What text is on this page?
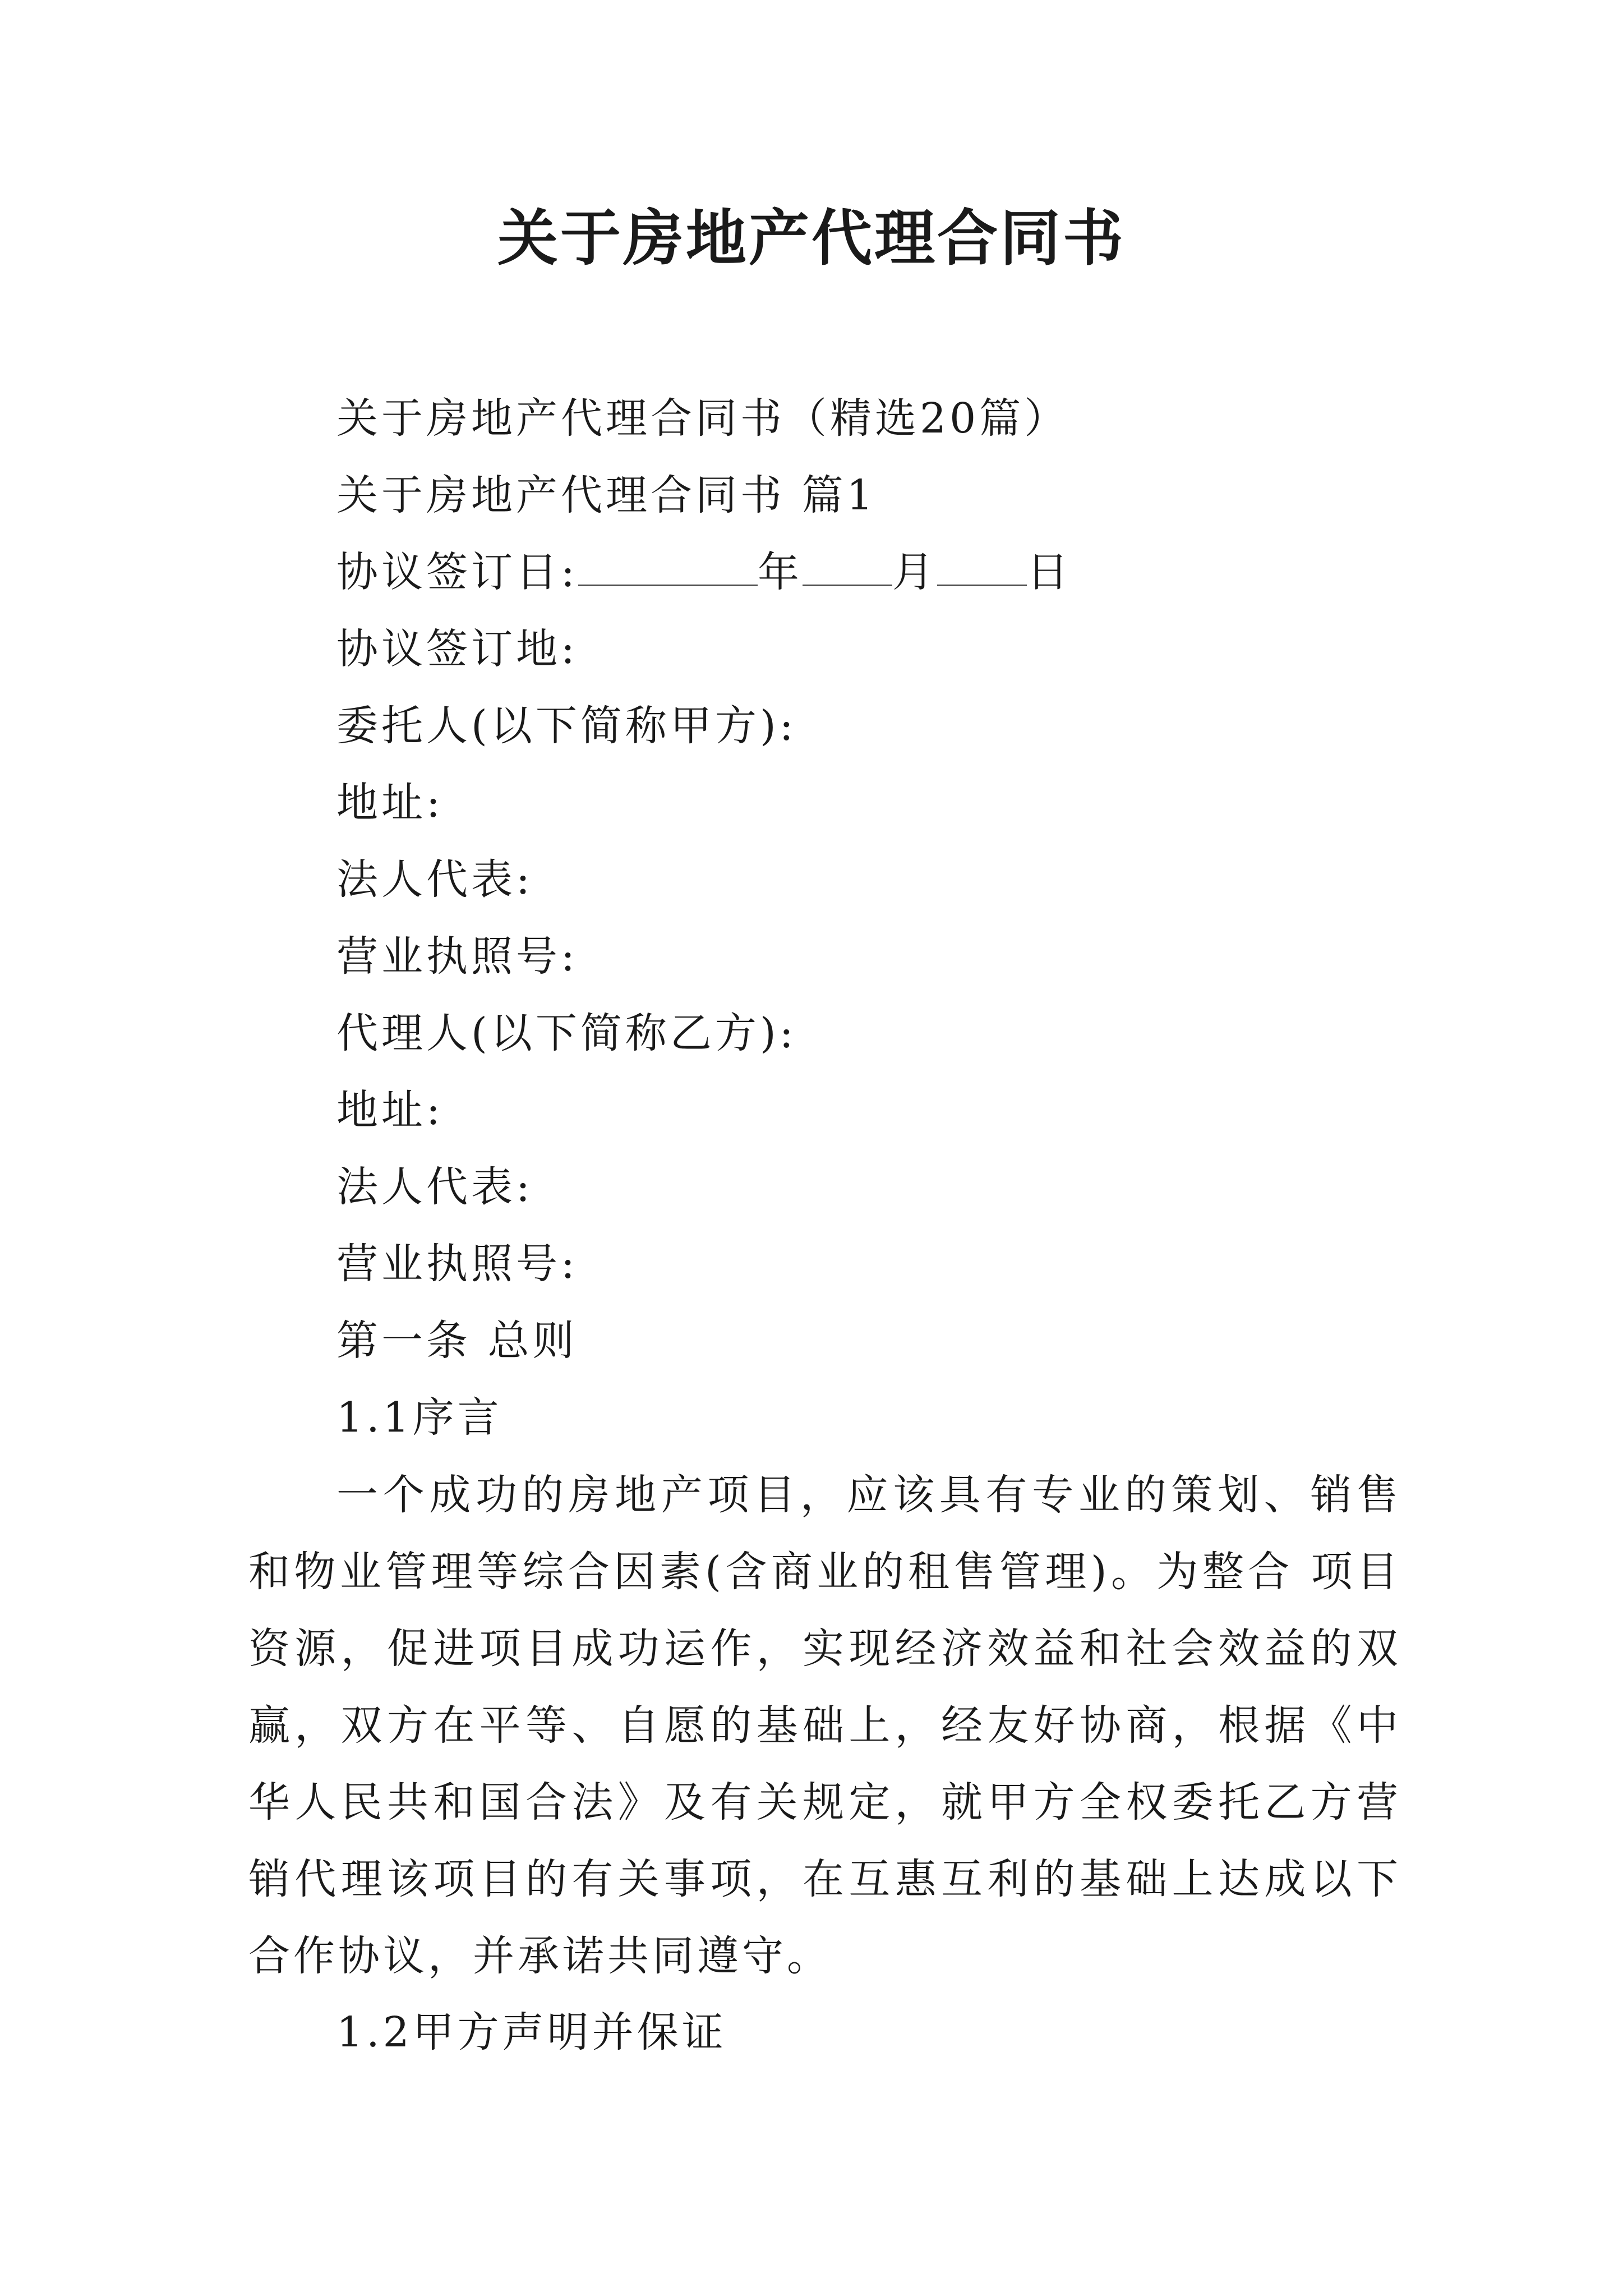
关于房地产代理合同书
关于房地产代理合同书（精选20篇）
关于房地产代理合同书 篇1
协议签订日:	年 月 日
协议签订地:
委托人(以下简称甲方):
地址:
法人代表:
营业执照号:
代理人(以下简称乙方):
地址:
法人代表:
营业执照号:
第一条 总则
1.1序言
一个成功的房地产项目，应该具有专业的策划、销售和物业管理等综合因素(含商业的租售管理)。为整合 项目资源，促进项目成功运作，实现经济效益和社会效益的双赢，双方在平等、自愿的基础上，经友好协商，根据《中华人民共和国合法》及有关规定，就甲方全权委托乙方营销代理该项目的有关事项，在互惠互利的基础上达成以下合作协议，并承诺共同遵守。
1.2甲方声明并保证
